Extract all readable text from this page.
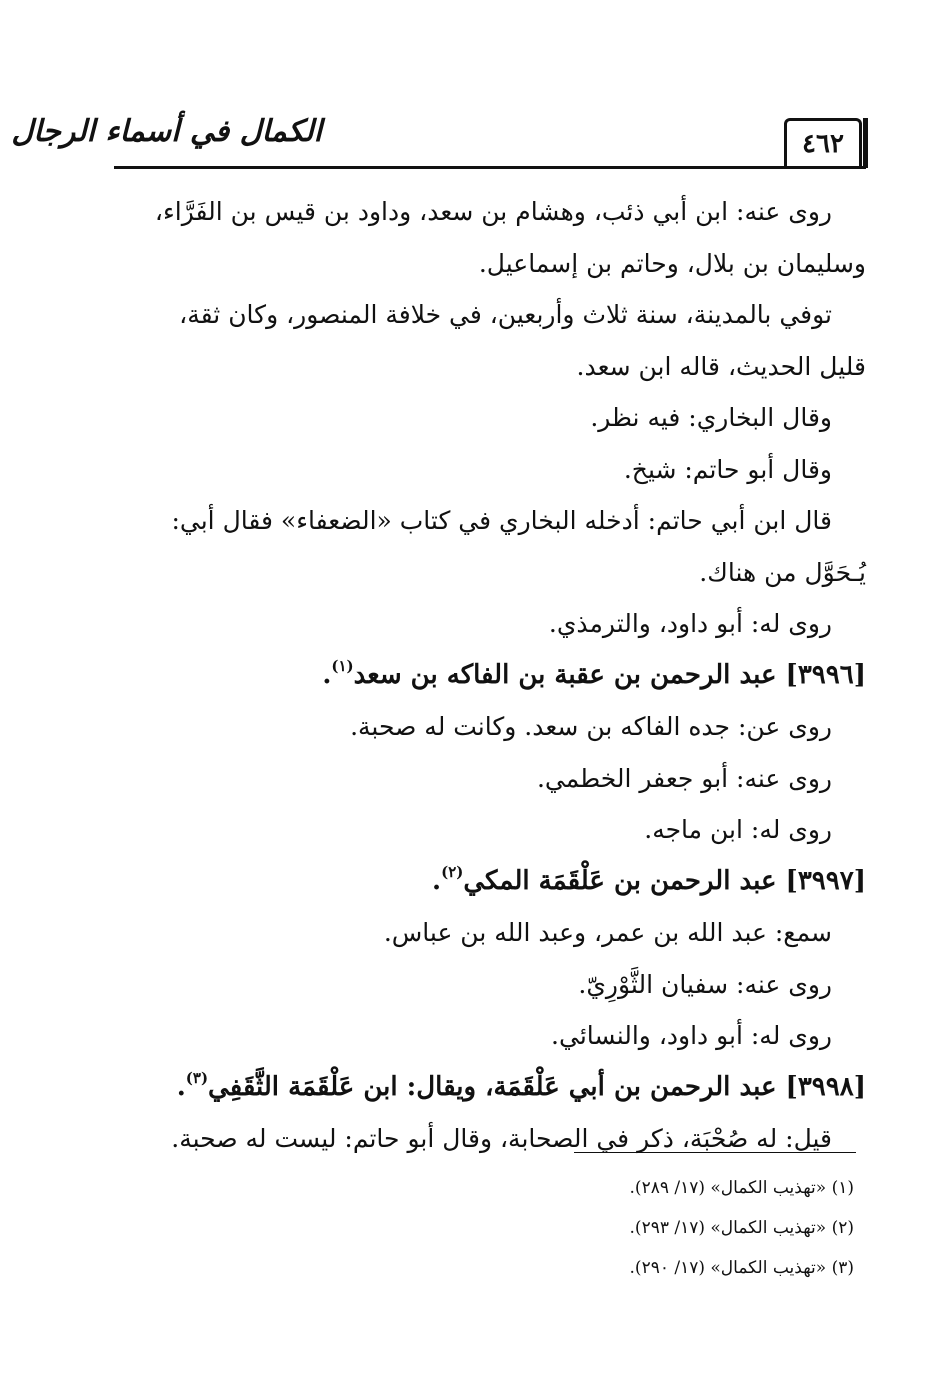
الكمال في أسماء الرجال	٤٦٢

روى عنه: ابن أبي ذئب، وهشام بن سعد، وداود بن قيس بن الفَرَّاء،

وسليمان بن بلال، وحاتم بن إسماعيل.

توفي بالمدينة، سنة ثلاث وأربعين، في خلافة المنصور، وكان ثقة،

قليل الحديث، قاله ابن سعد.

وقال البخاري: فيه نظر.

وقال أبو حاتم: شيخ.

قال ابن أبي حاتم: أدخله البخاري في كتاب «الضعفاء» فقال أبي:

يُـحَوَّل من هناك.

روى له: أبو داود، والترمذي.

[٣٩٩٦] عبد الرحمن بن عقبة بن الفاكه بن سعد$^{(١)}$.

روى عن: جده الفاكه بن سعد. وكانت له صحبة.

روى عنه: أبو جعفر الخطمي.

روى له: ابن ماجه.

[٣٩٩٧] عبد الرحمن بن عَلْقَمَة المكي$^{(٢)}$.

سمع: عبد الله بن عمر، وعبد الله بن عباس.

روى عنه: سفيان الثَّوْرِيّ.

روى له: أبو داود، والنسائي.

[٣٩٩٨] عبد الرحمن بن أبي عَلْقَمَة، ويقال: ابن عَلْقَمَة الثَّقَفِي$^{(٣)}$.

قيل: له صُحْبَة، ذكر في الصحابة، وقال أبو حاتم: ليست له صحبة.

(١) «تهذيب الكمال» (١٧/ ٢٨٩).

(٢) «تهذيب الكمال» (١٧/ ٢٩٣).

(٣) «تهذيب الكمال» (١٧/ ٢٩٠).
